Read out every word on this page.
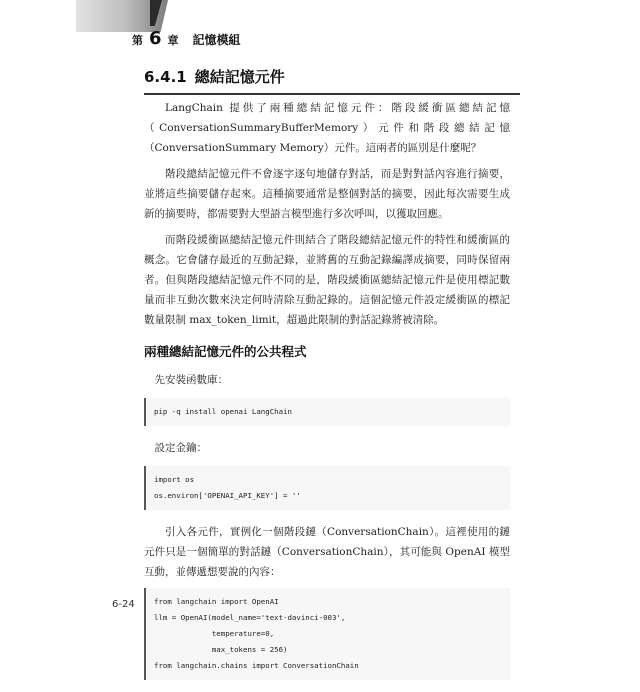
第 6 章 記憶模組
6.4.1 總結記憶元件

LangChain 提供了兩種總結記憶元件：階段緩衝區總結記憶（ConversationSummaryBufferMemory）元件和階段總結記憶（ConversationSummary Memory）元件。這兩者的區別是什麼呢？

階段總結記憶元件不會逐字逐句地儲存對話，而是對對話內容進行摘要，並將這些摘要儲存起來。這種摘要通常是整個對話的摘要，因此每次需要生成新的摘要時，都需要對大型語言模型進行多次呼叫，以獲取回應。

而階段緩衝區總結記憶元件則結合了階段總結記憶元件的特性和緩衝區的概念。它會儲存最近的互動記錄，並將舊的互動記錄編譯成摘要，同時保留兩者。但與階段總結記憶元件不同的是，階段緩衝區總結記憶元件是使用標記數量而非互動次數來決定何時清除互動記錄的。這個記憶元件設定緩衝區的標記數量限制 max_token_limit，超過此限制的對話記錄將被清除。

兩種總結記憶元件的公共程式

先安裝函數庫：

pip -q install openai LangChain

設定金鑰：

import os
os.environ['OPENAI_API_KEY'] = ''

引入各元件，實例化一個階段鏈（ConversationChain）。這裡使用的鏈元件只是一個簡單的對話鏈（ConversationChain），其可能與 OpenAI 模型互動，並傳遞想要說的內容：

from langchain import OpenAI
llm = OpenAI(model_name='text-davinci-003',
temperature=0,
max_tokens = 256)
from langchain.chains import ConversationChain
6-24
